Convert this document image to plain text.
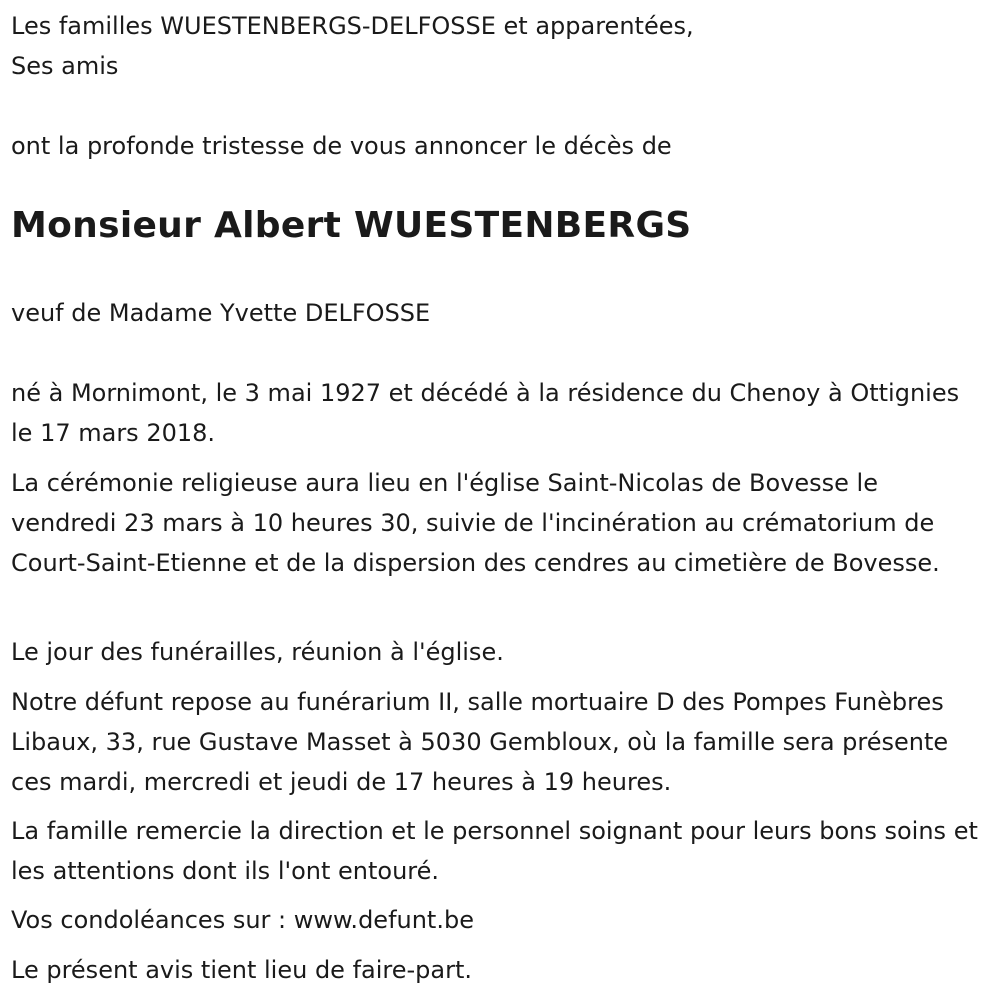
Les familles WUESTENBERGS-DELFOSSE et apparentées,

Ses amis

ont la profonde tristesse de vous annoncer le décès de

Monsieur Albert WUESTENBERGS

veuf de Madame Yvette DELFOSSE

né à Mornimont, le 3 mai 1927 et décédé à la résidence du Chenoy à Ottignies le 17 mars 2018.

La cérémonie religieuse aura lieu en l'église Saint-Nicolas de Bovesse le vendredi 23 mars à 10 heures 30, suivie de l'incinération au crématorium de Court-Saint-Etienne et de la dispersion des cendres au cimetière de Bovesse.

Le jour des funérailles, réunion à l'église.

Notre défunt repose au funérarium II, salle mortuaire D des Pompes Funèbres Libaux, 33, rue Gustave Masset à 5030 Gembloux, où la famille sera présente ces mardi, mercredi et jeudi de 17 heures à 19 heures.

La famille remercie la direction et le personnel soignant pour leurs bons soins et les attentions dont ils l'ont entouré.

Vos condoléances sur : www.defunt.be

Le présent avis tient lieu de faire-part.
